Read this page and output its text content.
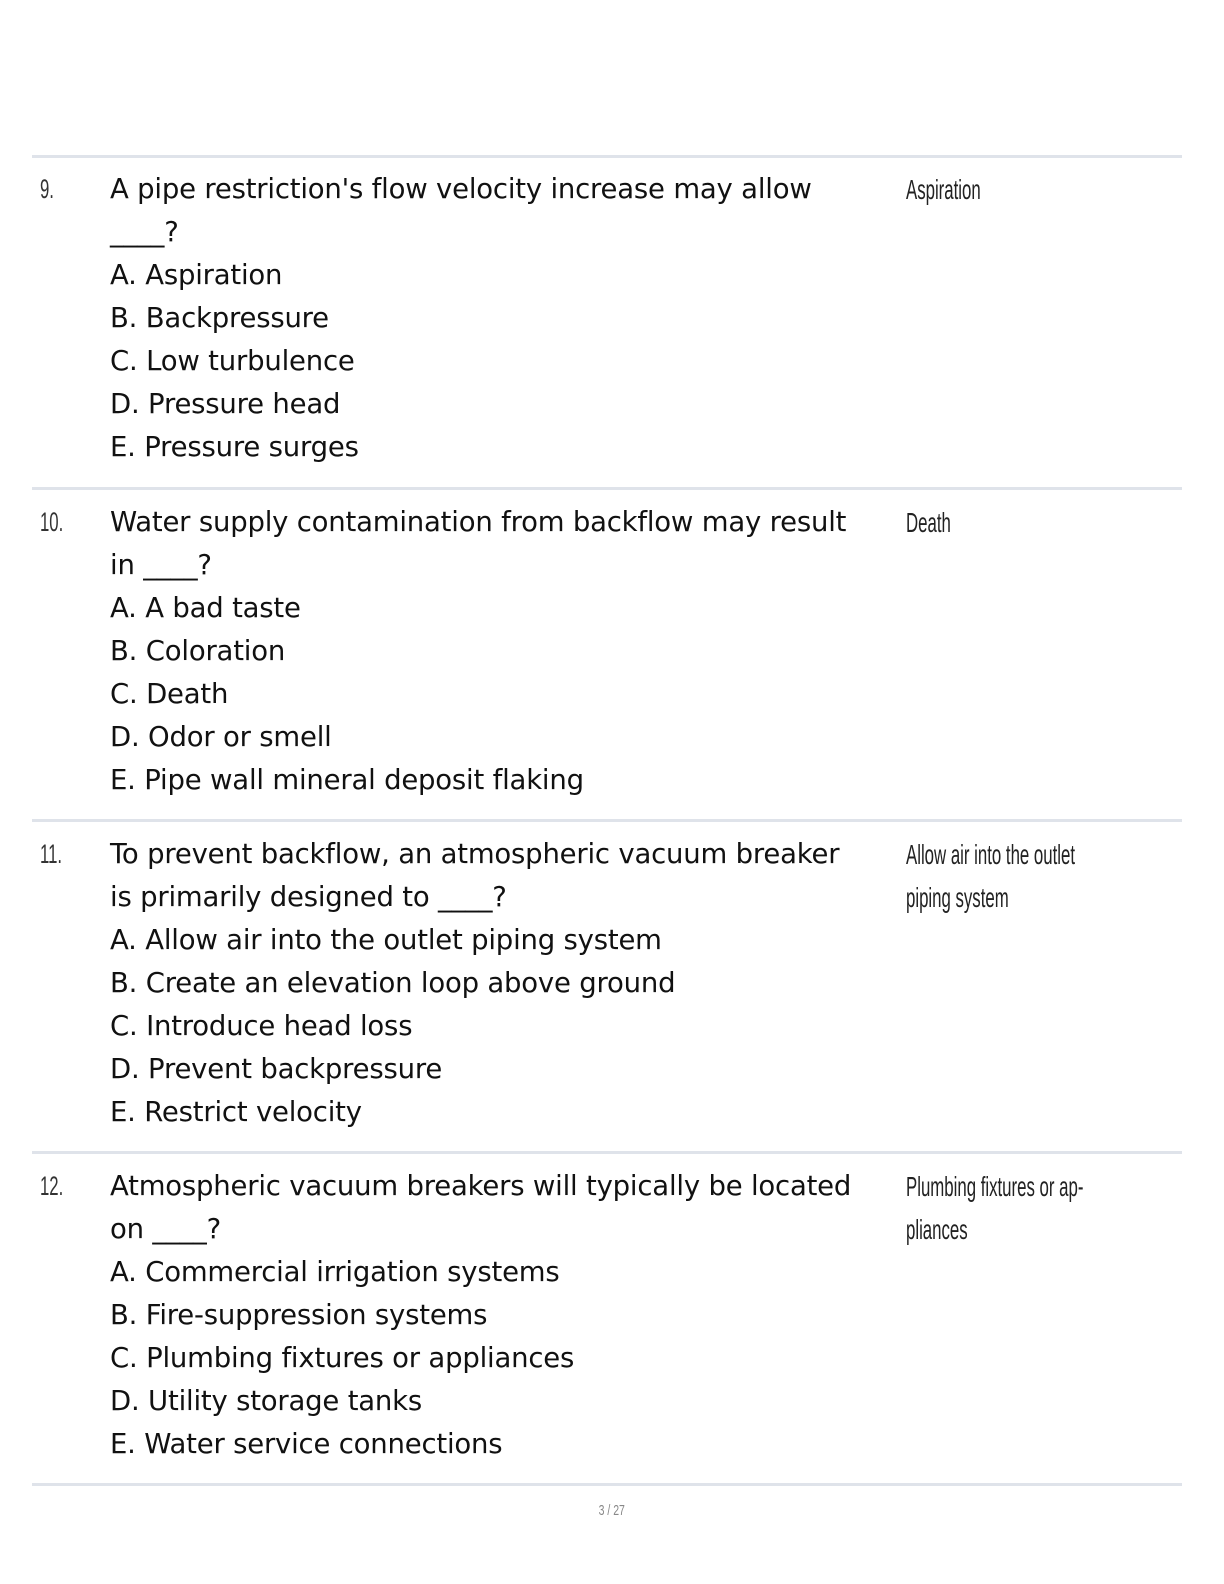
9. A pipe restriction's flow velocity increase may allow
____?
A. Aspiration
B. Backpressure
C. Low turbulence
D. Pressure head
E. Pressure surges
Aspiration
10. Water supply contamination from backflow may result
in ____?
A. A bad taste
B. Coloration
C. Death
D. Odor or smell
E. Pipe wall mineral deposit flaking
Death
11. To prevent backflow, an atmospheric vacuum breaker
is primarily designed to ____?
A. Allow air into the outlet piping system
B. Create an elevation loop above ground
C. Introduce head loss
D. Prevent backpressure
E. Restrict velocity
Allow air into the outlet
piping system
12. Atmospheric vacuum breakers will typically be located
on ____?
A. Commercial irrigation systems
B. Fire-suppression systems
C. Plumbing fixtures or appliances
D. Utility storage tanks
E. Water service connections
Plumbing fixtures or ap-
pliances
3 / 27
